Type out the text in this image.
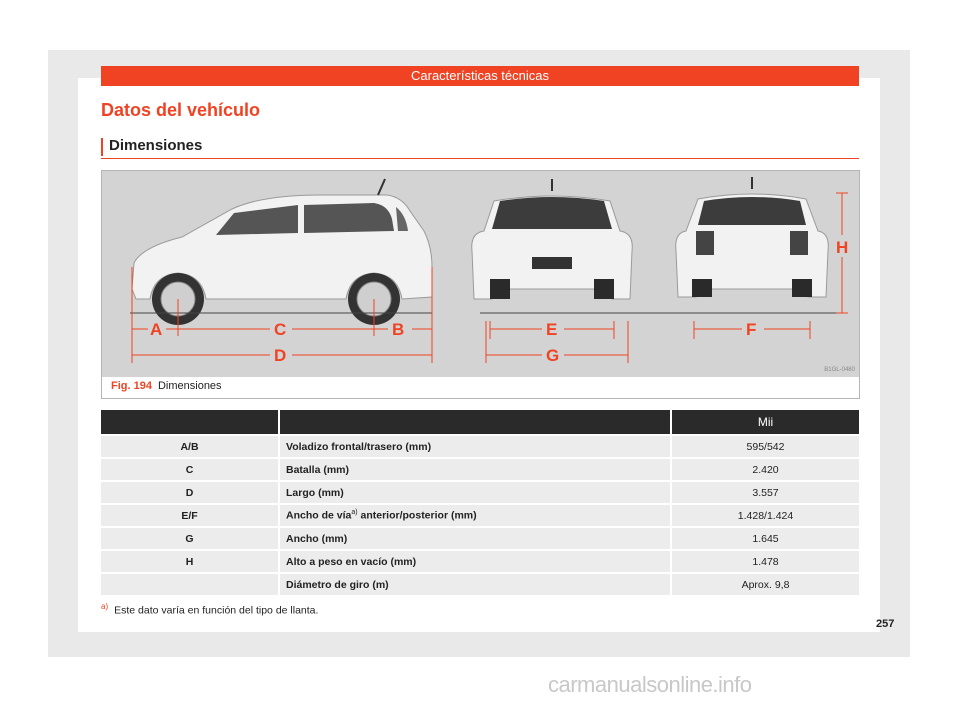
Características técnicas
Datos del vehículo
Dimensiones
A	C	B
D
E
G
F
H
B1GL-0480
Fig. 194 Dimensiones
		Mii
A/B	Voladizo frontal/trasero (mm)	595/542
C	Batalla (mm)	2.420
D	Largo (mm)	3.557
E/F	Ancho de vía$^{a)}$ anterior/posterior (mm)	1.428/1.424
G	Ancho (mm)	1.645
H	Alto a peso en vacío (mm)	1.478
	Diámetro de giro (m)	Aprox. 9,8
$^{a)}$ Este dato varía en función del tipo de llanta.
257
carmanualsonline.info
